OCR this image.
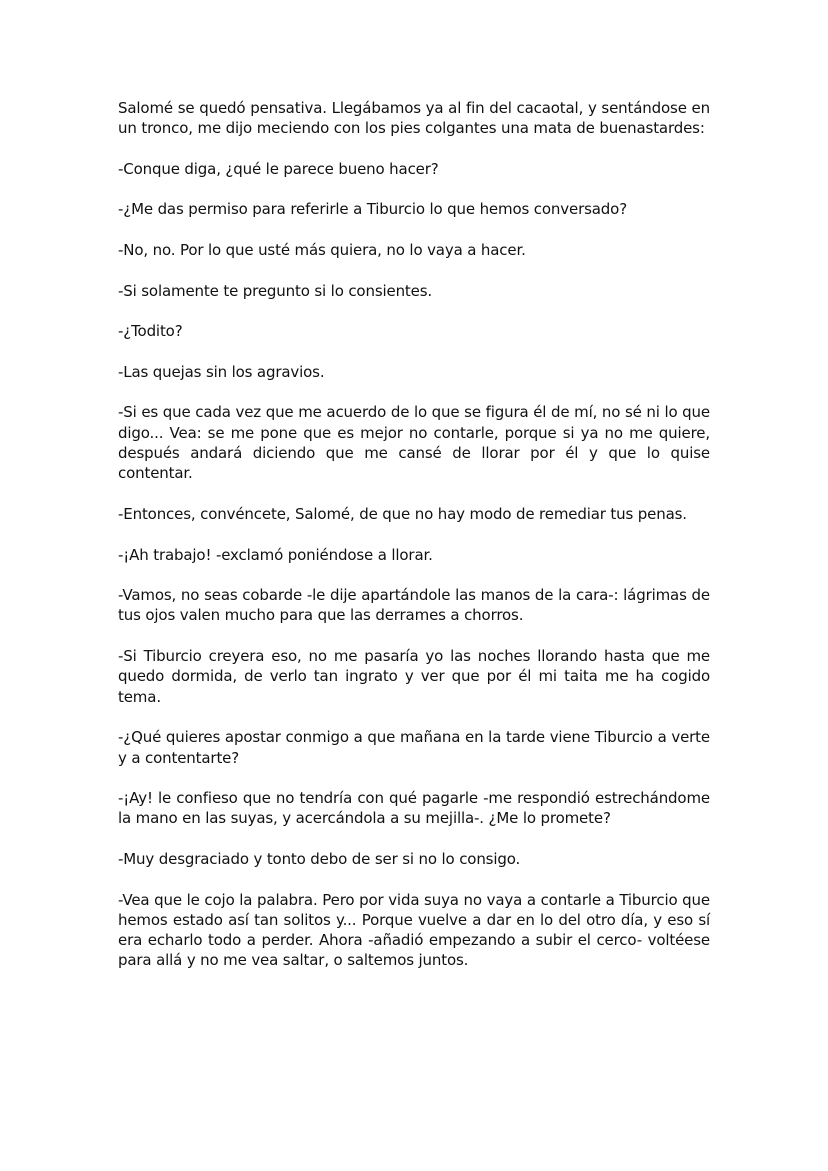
Salomé se quedó pensativa. Llegábamos ya al fin del cacaotal, y sentándose en un tronco, me dijo meciendo con los pies colgantes una mata de buenastardes:

-Conque diga, ¿qué le parece bueno hacer?

-¿Me das permiso para referirle a Tiburcio lo que hemos conversado?

-No, no. Por lo que usté más quiera, no lo vaya a hacer.

-Si solamente te pregunto si lo consientes.

-¿Todito?

-Las quejas sin los agravios.

-Si es que cada vez que me acuerdo de lo que se figura él de mí, no sé ni lo que digo... Vea: se me pone que es mejor no contarle, porque si ya no me quiere, después andará diciendo que me cansé de llorar por él y que lo quise contentar.

-Entonces, convéncete, Salomé, de que no hay modo de remediar tus penas.

-¡Ah trabajo! -exclamó poniéndose a llorar.

-Vamos, no seas cobarde -le dije apartándole las manos de la cara-: lágrimas de tus ojos valen mucho para que las derrames a chorros.

-Si Tiburcio creyera eso, no me pasaría yo las noches llorando hasta que me quedo dormida, de verlo tan ingrato y ver que por él mi taita me ha cogido tema.

-¿Qué quieres apostar conmigo a que mañana en la tarde viene Tiburcio a verte y a contentarte?

-¡Ay! le confieso que no tendría con qué pagarle -me respondió estrechándome la mano en las suyas, y acercándola a su mejilla-. ¿Me lo promete?

-Muy desgraciado y tonto debo de ser si no lo consigo.

-Vea que le cojo la palabra. Pero por vida suya no vaya a contarle a Tiburcio que hemos estado así tan solitos y... Porque vuelve a dar en lo del otro día, y eso sí era echarlo todo a perder. Ahora -añadió empezando a subir el cerco- voltéese para allá y no me vea saltar, o saltemos juntos.
